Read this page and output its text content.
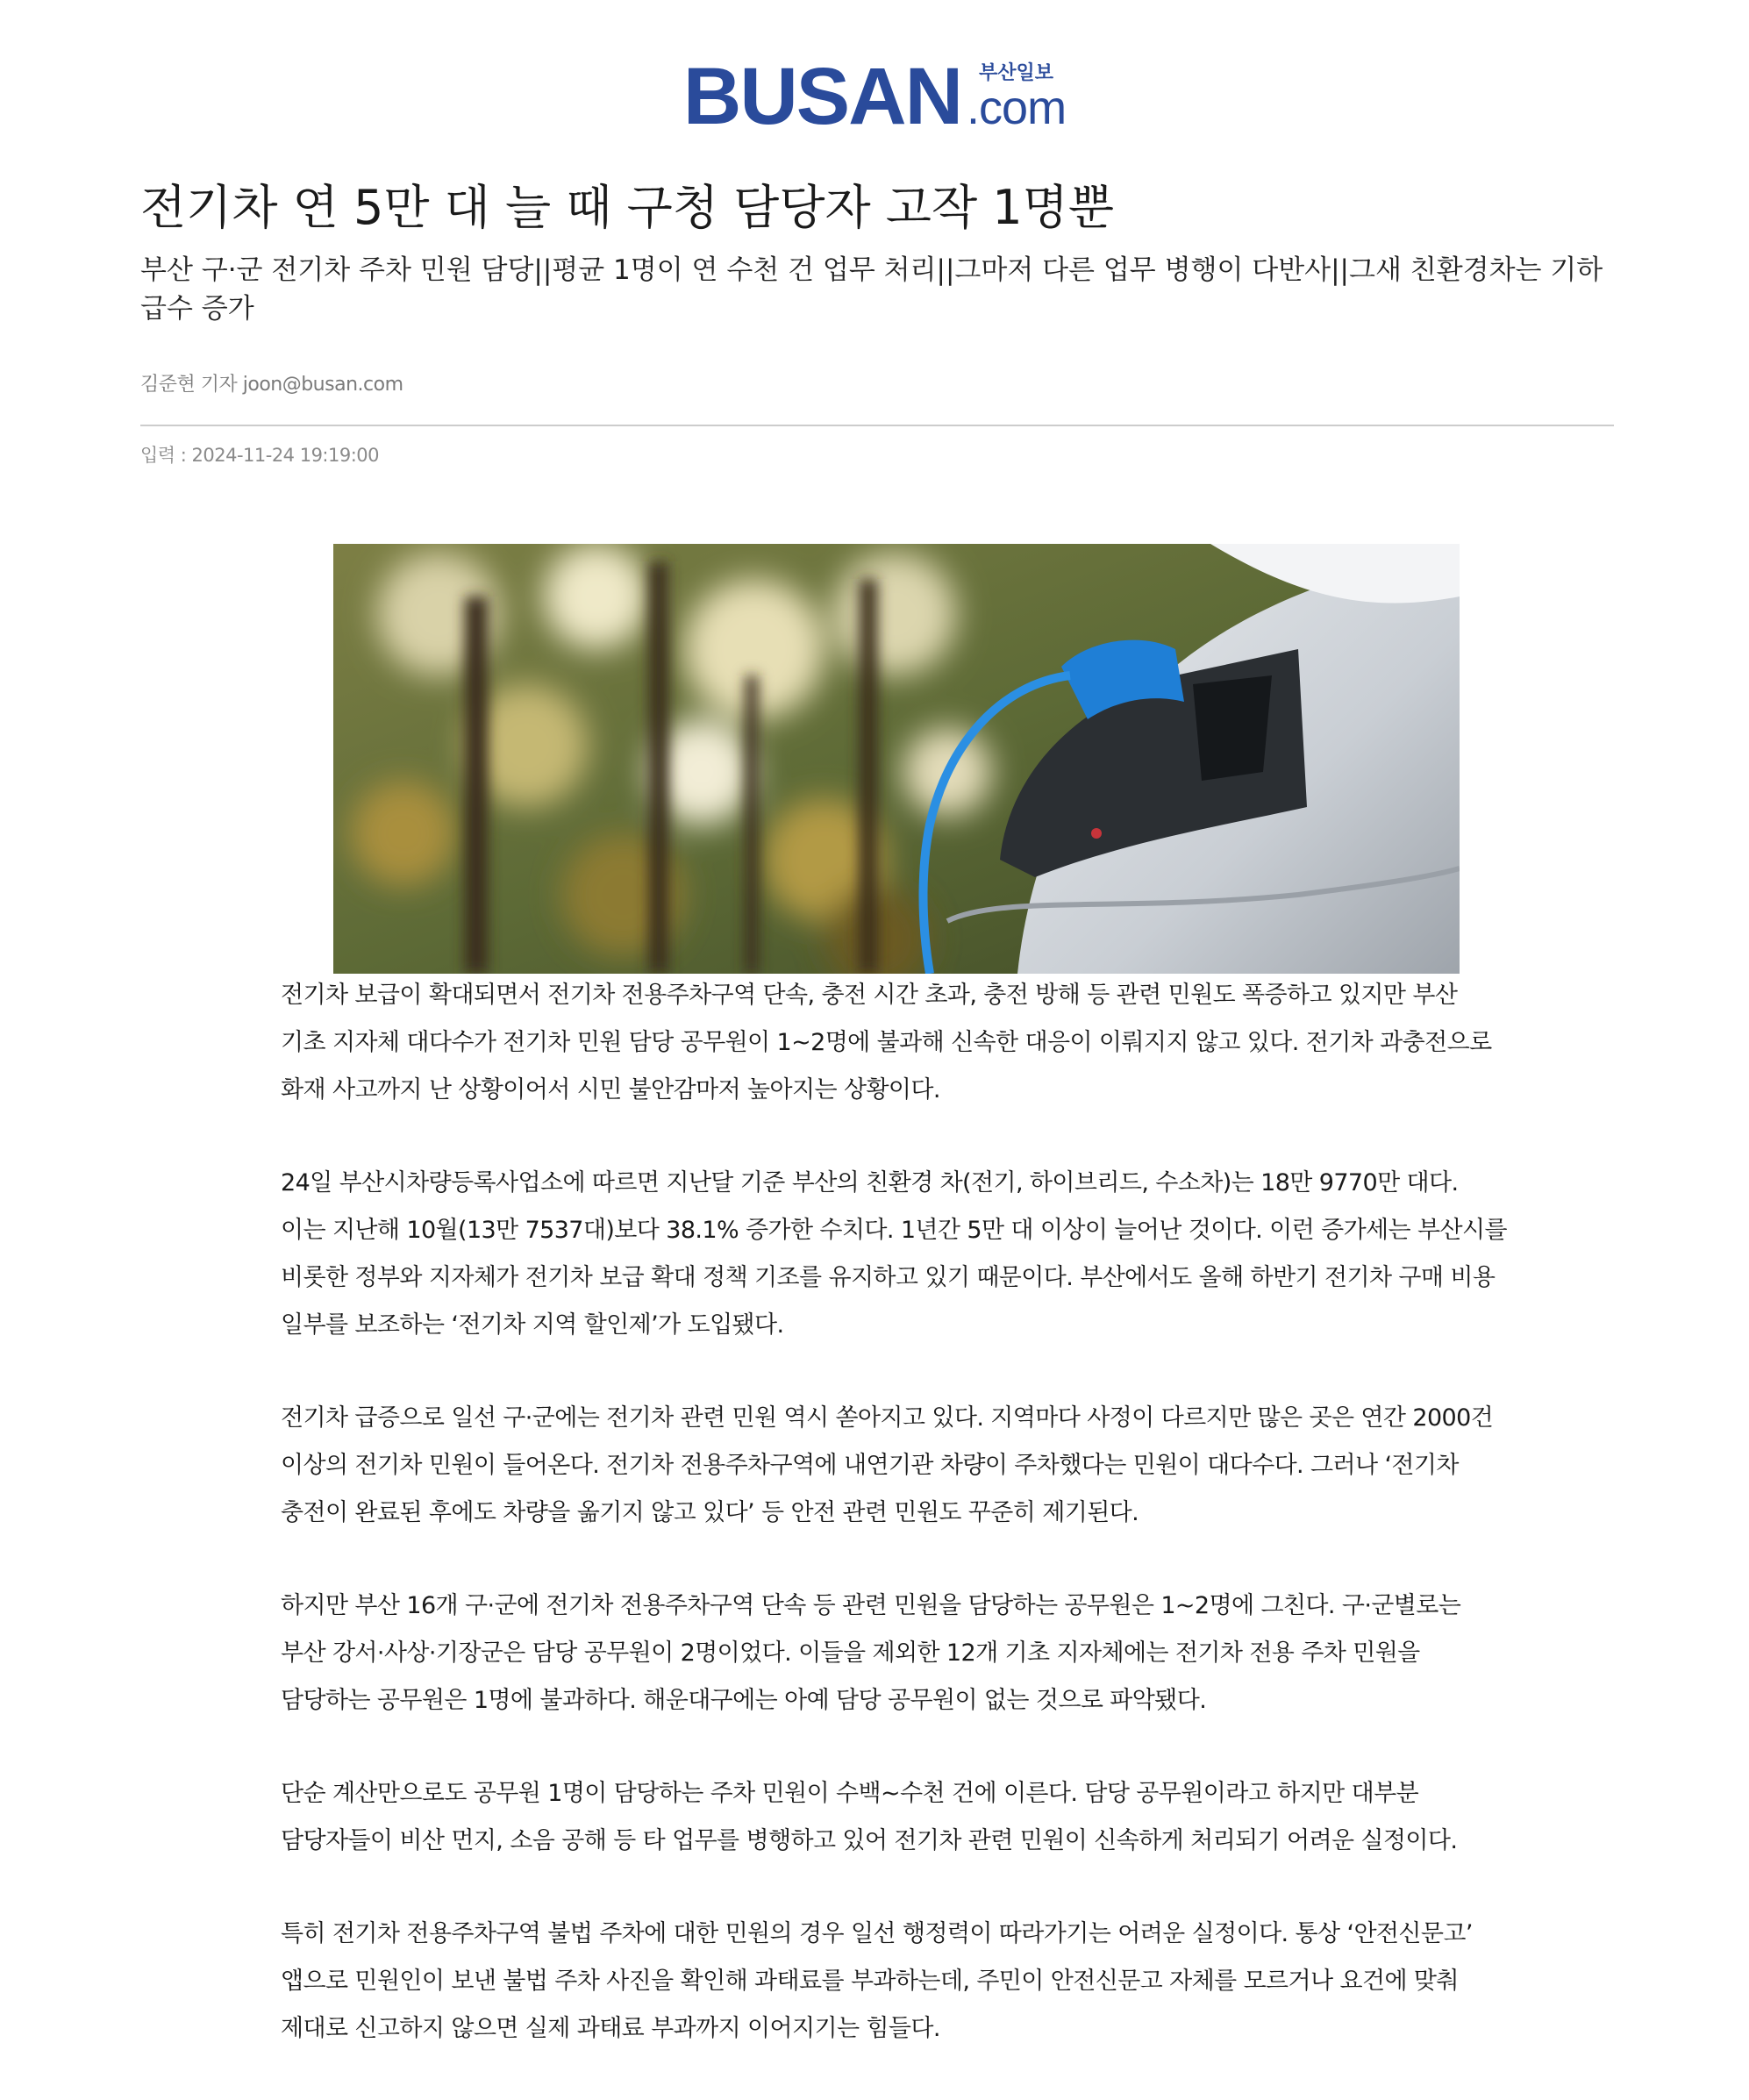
BUSAN 부산일보
.com
전기차 연 5만 대 늘 때 구청 담당자 고작 1명뿐
부산 구·군 전기차 주차 민원 담당||평균 1명이 연 수천 건 업무 처리||그마저 다른 업무 병행이 다반사||그새 친환경차는 기하급수 증가
김준현 기자 joon@busan.com
입력 : 2024-11-24 19:19:00

전기차 보급이 확대되면서 전기차 전용주차구역 단속, 충전 시간 초과, 충전 방해 등 관련 민원도 폭증하고 있지만 부산 기초 지자체 대다수가 전기차 민원 담당 공무원이 1~2명에 불과해 신속한 대응이 이뤄지지 않고 있다. 전기차 과충전으로 화재 사고까지 난 상황이어서 시민 불안감마저 높아지는 상황이다.

24일 부산시차량등록사업소에 따르면 지난달 기준 부산의 친환경 차(전기, 하이브리드, 수소차)는 18만 9770만 대다. 이는 지난해 10월(13만 7537대)보다 38.1% 증가한 수치다. 1년간 5만 대 이상이 늘어난 것이다. 이런 증가세는 부산시를 비롯한 정부와 지자체가 전기차 보급 확대 정책 기조를 유지하고 있기 때문이다. 부산에서도 올해 하반기 전기차 구매 비용 일부를 보조하는 ‘전기차 지역 할인제’가 도입됐다.

전기차 급증으로 일선 구·군에는 전기차 관련 민원 역시 쏟아지고 있다. 지역마다 사정이 다르지만 많은 곳은 연간 2000건 이상의 전기차 민원이 들어온다. 전기차 전용주차구역에 내연기관 차량이 주차했다는 민원이 대다수다. 그러나 ‘전기차 충전이 완료된 후에도 차량을 옮기지 않고 있다’ 등 안전 관련 민원도 꾸준히 제기된다.

하지만 부산 16개 구·군에 전기차 전용주차구역 단속 등 관련 민원을 담당하는 공무원은 1~2명에 그친다. 구·군별로는 부산 강서·사상·기장군은 담당 공무원이 2명이었다. 이들을 제외한 12개 기초 지자체에는 전기차 전용 주차 민원을 담당하는 공무원은 1명에 불과하다. 해운대구에는 아예 담당 공무원이 없는 것으로 파악됐다.

단순 계산만으로도 공무원 1명이 담당하는 주차 민원이 수백~수천 건에 이른다. 담당 공무원이라고 하지만 대부분 담당자들이 비산 먼지, 소음 공해 등 타 업무를 병행하고 있어 전기차 관련 민원이 신속하게 처리되기 어려운 실정이다.

특히 전기차 전용주차구역 불법 주차에 대한 민원의 경우 일선 행정력이 따라가기는 어려운 실정이다. 통상 ‘안전신문고’ 앱으로 민원인이 보낸 불법 주차 사진을 확인해 과태료를 부과하는데, 주민이 안전신문고 자체를 모르거나 요건에 맞춰 제대로 신고하지 않으면 실제 과태료 부과까지 이어지기는 힘들다.
